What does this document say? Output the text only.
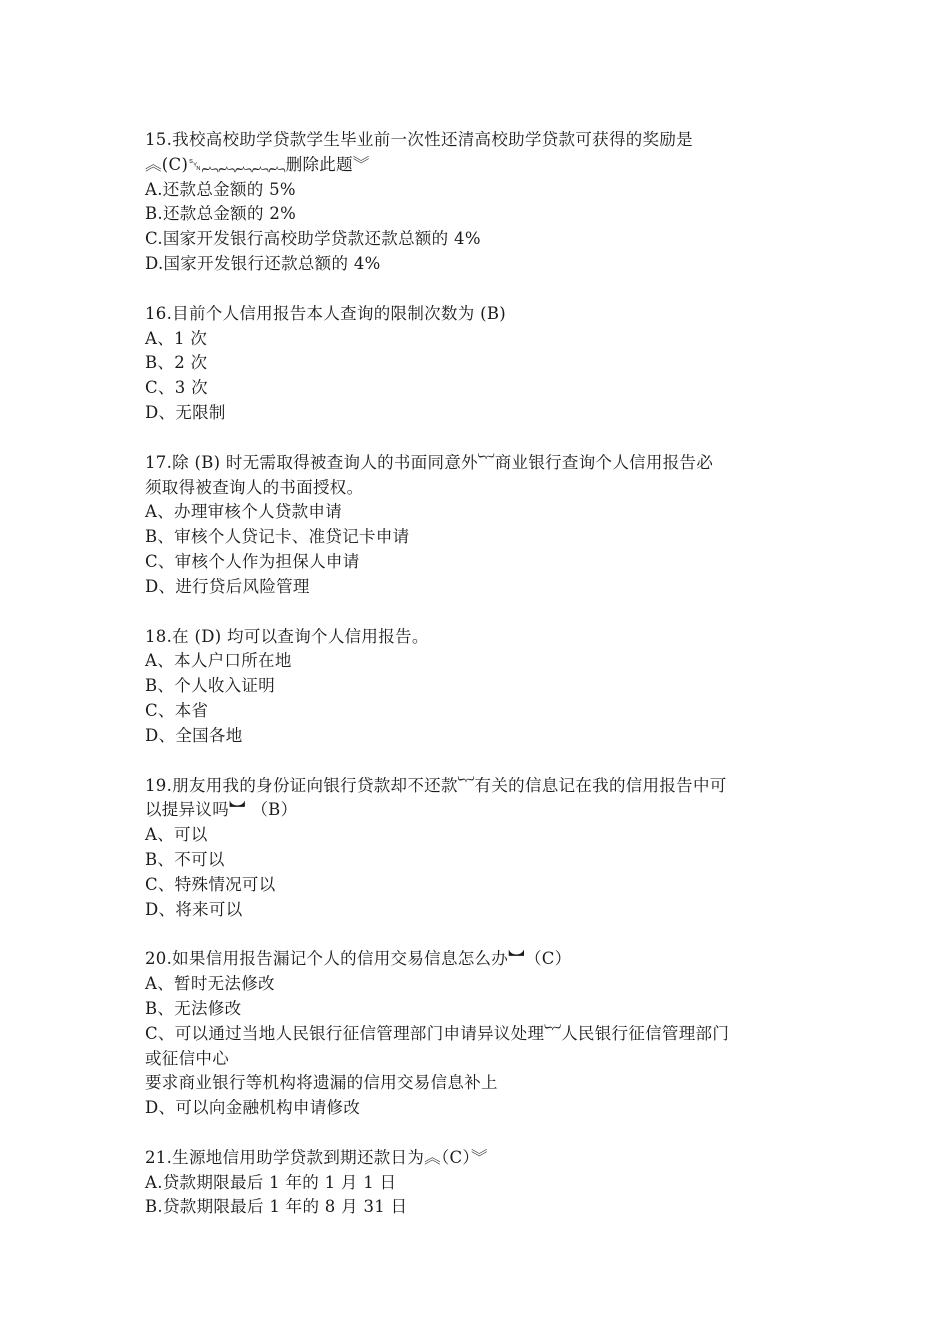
15.我校高校助学贷款学生毕业前一次性还清高校助学贷款可获得的奖励是
︽(C)␖︷︷︷︷︷删除此题︾
A.还款总金额的 5%
B.还款总金额的 2%
C.国家开发银行高校助学贷款还款总额的 4%
D.国家开发银行还款总额的 4%
16.目前个人信用报告本人查询的限制次数为 (B)
A、1 次
B、2 次
C、3 次
D、无限制
17.除 (B) 时无需取得被查询人的书面同意外︸商业银行查询个人信用报告必
须取得被查询人的书面授权。
A、办理审核个人贷款申请
B、审核个人贷记卡、准贷记卡申请
C、审核个人作为担保人申请
D、进行贷后风险管理
18.在 (D) 均可以查询个人信用报告。
A、本人户口所在地
B、个人收入证明
C、本省
D、全国各地
19.朋友用我的身份证向银行贷款却不还款︸有关的信息记在我的信用报告中可
以提异议吗︼ （B）
A、可以
B、不可以
C、特殊情况可以
D、将来可以
20.如果信用报告漏记个人的信用交易信息怎么办︼（C）
A、暂时无法修改
B、无法修改
C、可以通过当地人民银行征信管理部门申请异议处理︸人民银行征信管理部门
或征信中心
要求商业银行等机构将遗漏的信用交易信息补上
D、可以向金融机构申请修改
21.生源地信用助学贷款到期还款日为︽（C）︾
A.贷款期限最后 1 年的 1 月 1 日
B.贷款期限最后 1 年的 8 月 31 日
